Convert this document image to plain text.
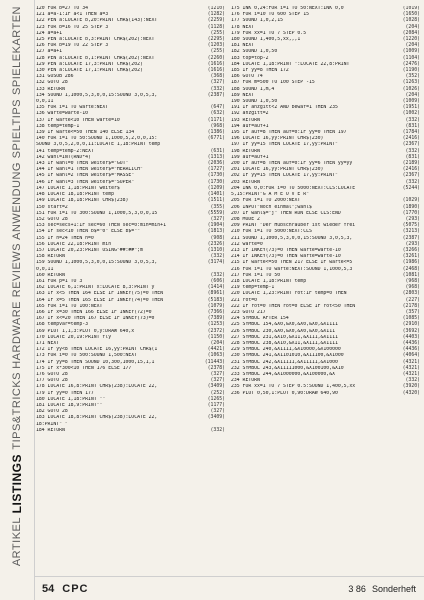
SPIELEKARTEN
SPIELTIPS
ANWENDUNG
REVIEWS
HARDWARE
TIPS&TRICKS
LISTINGS
ARTIKEL
120 FOR b=27 TO 34	(1210)
121 a=a-1:IF a<1 THEN a=3	(1282)
122 PEN a:LOCATE b,20:PRINT CHR$(143):NEXT	(2259)
123 FOR b=16 TO 25 STEP 3	(1128)
124 a=a+1	(255)
125 PEN a:LOCATE b,3:PRINT CHR$(202):NEXT	(2295)
126 FOR b=19 TO 22 STEP 3	(1203)
127 a=a+1	(255)
128 PEN a:LOCATE b,1:PRINT CHR$(202):NEXT	(2260)
129 PEN a:LOCATE 17,3:PRINT CHR$(202)	(1616)
130 PEN a:LOCATE 17,1:PRINT CHR$(202)	(1616)
131 GOSUB 286	(368)
132 GOTO 28	(327)
133 RETURN	(332)
134 SOUND 1,1000,5,3,0,0,15:SOUND 3,0,5,3,	(2387)
0,0,11
135 FOR i=1 TO warte:NEXT	(647)
136 warte=warte-10	(632)
137 IF warte<10 THEN warte=10	(1171)
138 temp=temp-1	(968)
139 IF warte<=50 THEN 140 ELSE 134	(1386)
140 FOR i=1 TO 50:SOUND 1,1000,5,2,0,0,15:	(6771)
SOUND 3,0,5,2,0,0,11:LOCATE 1,18:PRINT temp
141 temp=temp-2:NEXT	(631)
142 wahl=INT(RND*4)	(1313)
143 IF wahl=0 THEN weiter$="GUT"	(2036)
144 IF wahl=1 THEN weiter$="HERRLICH"	(1727)
145 IF wahl=2 THEN weiter$="MASSE"	(1730)
146 IF wahl=3 THEN weiter$="SUPER"	(1730)
147 LOCATE 1,18:PRINT weiter$	(1209)
148 LOCATE 18,18:PRINT temp	(1401)
149 LOCATE 18,18:PRINT CHR$(238)	(1511)
150 start=2	(355)
151 FOR i=1 TO 300:SOUND 1,1000,5,3,0,0,15	(5559)
152 GOTO 28	(327)
153 sec=secs+1:IF sec=60 THEN sec=0:min=min+1	(1904)
154 IF sec<10 THEN b$="0" ELSE b$=""	(1813)
155 IF h=24 THEN h=0	(908)
156 LOCATE 22,18:PRINT min	(2326)
157 LOCATE 20,23:PRINT USING"##:##";m	(1310)
158 RETURN	(332)
159 SOUND 1,1000,5,3,0,0,15:SOUND 3,0,5,3,	(3174)
0,0,11
160 RETURN	(332)
161 FOR p=1 TO 3	(606)
162 LOCATE 6,1:PRINT x:LOCATE 8,3:PRINT y	(1414)
163 IF x<5 THEN 164 ELSE IF INKEY(75)=0 THEN	(8961)
164 IF x=5 THEN 165 ELSE IF INKEY(74)=0 THEN	(5183)
165 FOR i=1 TO 100:NEXT	(1079)
166 IF x=30 THEN 166 ELSE IF INKEY(72)=0	(7366)
167 IF x<=20 THEN 167 ELSE IF INKEY(73)=0	(7389)
168 tempvar=temp-3	(1253)
169 PLOT 1,1,3:PLOT 0,y:DRAW 640,x	(2372)
170 LOCATE 20,19:PRINT fly	(1150)
171 NEXT	(204)
172 IF yy<8 THEN LOCATE 16,yy:PRINT CHR$(1	(4421)
173 FOR i=0 TO 500:SOUND 1,500:NEXT	(1063)
174 IF yy=8 THEN SOUND 10,300,1000,15,1,1	(11443)
175 IF x*300<10 THEN 176 ELSE 177	(2378)
176 GOTO 28	(327)
177 GOTO 28	(327)
178 LOCATE 16,8:PRINT CHR$(238):LOCATE 22,	(3409)
179 IF yy=0 THEN 177	(252)
180 LOCATE 1,18:PRINT ""	(1265)
181 LOCATE 18,9:PRINT""	(1177)
182 GOTO 28	(327)
183 LOCATE 18,8:PRINT CHR$(238):LOCATE 22,	(3409)
18:PRINT" "
184 RETURN	(332)
175 INK 0,24:FOR i=1 TO 50:NEXT:INK 0,0	(1019)
176 FOR i=10 TO 600 STEP 15	(1650)
177 SOUND 1,0,2,15	(1028)
178 NEXT	(204)
179 FOR xx=1 TO 7 STEP 0.5	(2084)
180 SOUND 1,400,5,xx,,,1	(1220)
181 NEXT	(204)
182 SOUND 1,0,50	(1009)
183 top=top-2	(1104)
184 LOCATE 1,18:PRINT ":LOCATE 22,8:PRINT	(2476)
185 IF yy=8 THEN 172	(1190)
186 GOTO 74	(352)
187 FOR m=500 TO 100 STEP -15	(1263)
188 SOUND 1,m,4	(1026)
189 NEXT	(204)
190 SOUND 1,0,50	(1009)
191 IF anzgitt<2 AND bewaf=1 THEN 235	(1951)
192 anzgitt=2	(1002)
193 RETURN	(332)
194 auf=auf+1	(831)
195 IF auf=8 THEN auf=0:IF yy=0 THEN 197	(1784)
196 LOCATE 16,yy:PRINT CHR$(230)	(2416)
197 IF yy=15 THEN LOCATE 17,yy:PRINT"	(2367)
198 RETURN	(332)
199 auf=auf+1	(831)
200 IF auf=8 THEN auf=0:IF yy=6 THEN yy=yy	(2189)
201 LOCATE 16,yy:PRINT CHR$(230)	(2416)
202 IF yy=15 THEN LOCATE 17,yy:PRINT"	(2367)
203 RETURN	(332)
204 INK 0,0:FOR i=0 TO 5000:NEXT:CLS:LOCATE	(5244)
5,15:PRINT"G A M E O V E R"
205 FOR i=1 TO 2000:NEXT	(1029)
206 INPUT"Noch einmal";wahl$	(1890)
207 IF wahl$="j" THEN RUN ELSE CLS:END	(1770)
208 MODE 2	(293)
209 PRINT "Der Hubschrauber ist wieder frei	(5075)
210 FOR i=1 TO 5000:NEXT:CLS	(3213)
211 SOUND 1,1000,5,3,0,0,15:SOUND 3,0,5,3,	(2387)
212 warte=0	(293)
213 IF INKEY(73)=0 THEN warte=warte-10	(3266)
214 IF INKEY(73)=0 THEN warte=warte-10	(3261)
215 IF warte<=50 THEN 217 ELSE IF warte<=5	(1986)
216 FOR i=1 TO warte:NEXT:SOUND 1,1000,5,3	(2468)
217 FOR i=1 TO 50	(1081)
218 LOCATE 1,18:PRINT temp	(968)
219 temp=temp-1	(968)
220 LOCATE 1,23:PRINT rot:IF temp=0 THEN	(2803)
221 rot=0	(227)
222 IF rot=0 THEN rot=0 ELSE IF rot<50 THEN	(2178)
223 GOTO 217	(357)
224 SYMBOL AFTER 154	(1085)
225 SYMBOL 154,&X0,&X0,&X0,&X0,&X1111	(2910)
226 SYMBOL 230,&X0,&X0,&X0,&X0,&X111	(3692)
227 SYMBOL 231,&X10,&X11,&X111,&X1111	(4403)
228 SYMBOL 238,&X10,&X11,&X111,&X1111	(4436)
229 SYMBOL 240,&X1111,&X10000,&X100000	(4436)
230 SYMBOL 241,&X1101010,&X11100,&X1000	(4064)
231 SYMBOL 242,&X11111,&X11111,&X1000	(4321)
232 SYMBOL 243,&X11111000,&X100100,&X10	(4321)
233 SYMBOL 244,&X1000000,&X100000,&X	(4321)
234 RETURN	(332)
235 FOR xx=1 TO 7 STEP 0.5:SOUND 1,400,5,xx	(3920)
236 PLOT 0,50,1:PLOT 0,90:DRAW 640,90	(4320)
54 CPC	3 86 Sonderheft
